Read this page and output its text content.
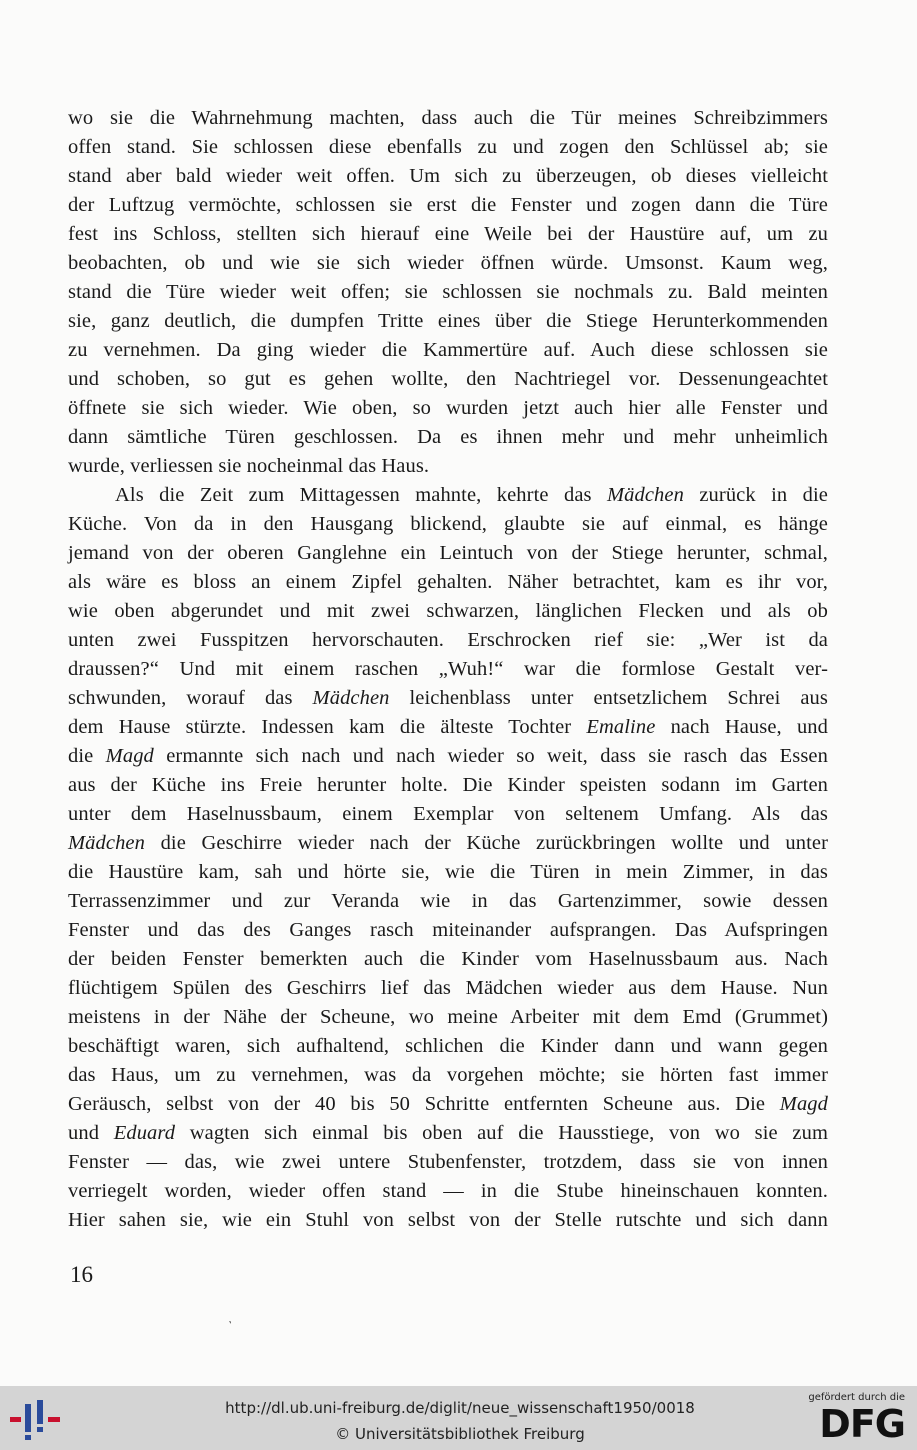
wo sie die Wahrnehmung machten, dass auch die Tür meines Schreibzimmers
offen stand. Sie schlossen diese ebenfalls zu und zogen den Schlüssel ab; sie
stand aber bald wieder weit offen. Um sich zu überzeugen, ob dieses vielleicht
der Luftzug vermöchte, schlossen sie erst die Fenster und zogen dann die Türe
fest ins Schloss, stellten sich hierauf eine Weile bei der Haustüre auf, um zu
beobachten, ob und wie sie sich wieder öffnen würde. Umsonst. Kaum weg,
stand die Türe wieder weit offen; sie schlossen sie nochmals zu. Bald meinten
sie, ganz deutlich, die dumpfen Tritte eines über die Stiege Herunterkommenden
zu vernehmen. Da ging wieder die Kammertüre auf. Auch diese schlossen sie
und schoben, so gut es gehen wollte, den Nachtriegel vor. Dessenungeachtet
öffnete sie sich wieder. Wie oben, so wurden jetzt auch hier alle Fenster und
dann sämtliche Türen geschlossen. Da es ihnen mehr und mehr unheimlich
wurde, verliessen sie nocheinmal das Haus.
Als die Zeit zum Mittagessen mahnte, kehrte das Mädchen zurück in die
Küche. Von da in den Hausgang blickend, glaubte sie auf einmal, es hänge
jemand von der oberen Ganglehne ein Leintuch von der Stiege herunter, schmal,
als wäre es bloss an einem Zipfel gehalten. Näher betrachtet, kam es ihr vor,
wie oben abgerundet und mit zwei schwarzen, länglichen Flecken und als ob
unten zwei Fusspitzen hervorschauten. Erschrocken rief sie: „Wer ist da
draussen?“ Und mit einem raschen „Wuh!“ war die formlose Gestalt ver-
schwunden, worauf das Mädchen leichenblass unter entsetzlichem Schrei aus
dem Hause stürzte. Indessen kam die älteste Tochter Emaline nach Hause, und
die Magd ermannte sich nach und nach wieder so weit, dass sie rasch das Essen
aus der Küche ins Freie herunter holte. Die Kinder speisten sodann im Garten
unter dem Haselnussbaum, einem Exemplar von seltenem Umfang. Als das
Mädchen die Geschirre wieder nach der Küche zurückbringen wollte und unter
die Haustüre kam, sah und hörte sie, wie die Türen in mein Zimmer, in das
Terrassenzimmer und zur Veranda wie in das Gartenzimmer, sowie dessen
Fenster und das des Ganges rasch miteinander aufsprangen. Das Aufspringen
der beiden Fenster bemerkten auch die Kinder vom Haselnussbaum aus. Nach
flüchtigem Spülen des Geschirrs lief das Mädchen wieder aus dem Hause. Nun
meistens in der Nähe der Scheune, wo meine Arbeiter mit dem Emd (Grummet)
beschäftigt waren, sich aufhaltend, schlichen die Kinder dann und wann gegen
das Haus, um zu vernehmen, was da vorgehen möchte; sie hörten fast immer
Geräusch, selbst von der 40 bis 50 Schritte entfernten Scheune aus. Die Magd
und Eduard wagten sich einmal bis oben auf die Hausstiege, von wo sie zum
Fenster — das, wie zwei untere Stubenfenster, trotzdem, dass sie von innen
verriegelt worden, wieder offen stand — in die Stube hineinschauen konnten.
Hier sahen sie, wie ein Stuhl von selbst von der Stelle rutschte und sich dann
16
˺
http://dl.ub.uni-freiburg.de/diglit/neue_wissenschaft1950/0018
© Universitätsbibliothek Freiburg
gefördert durch die
DFG
